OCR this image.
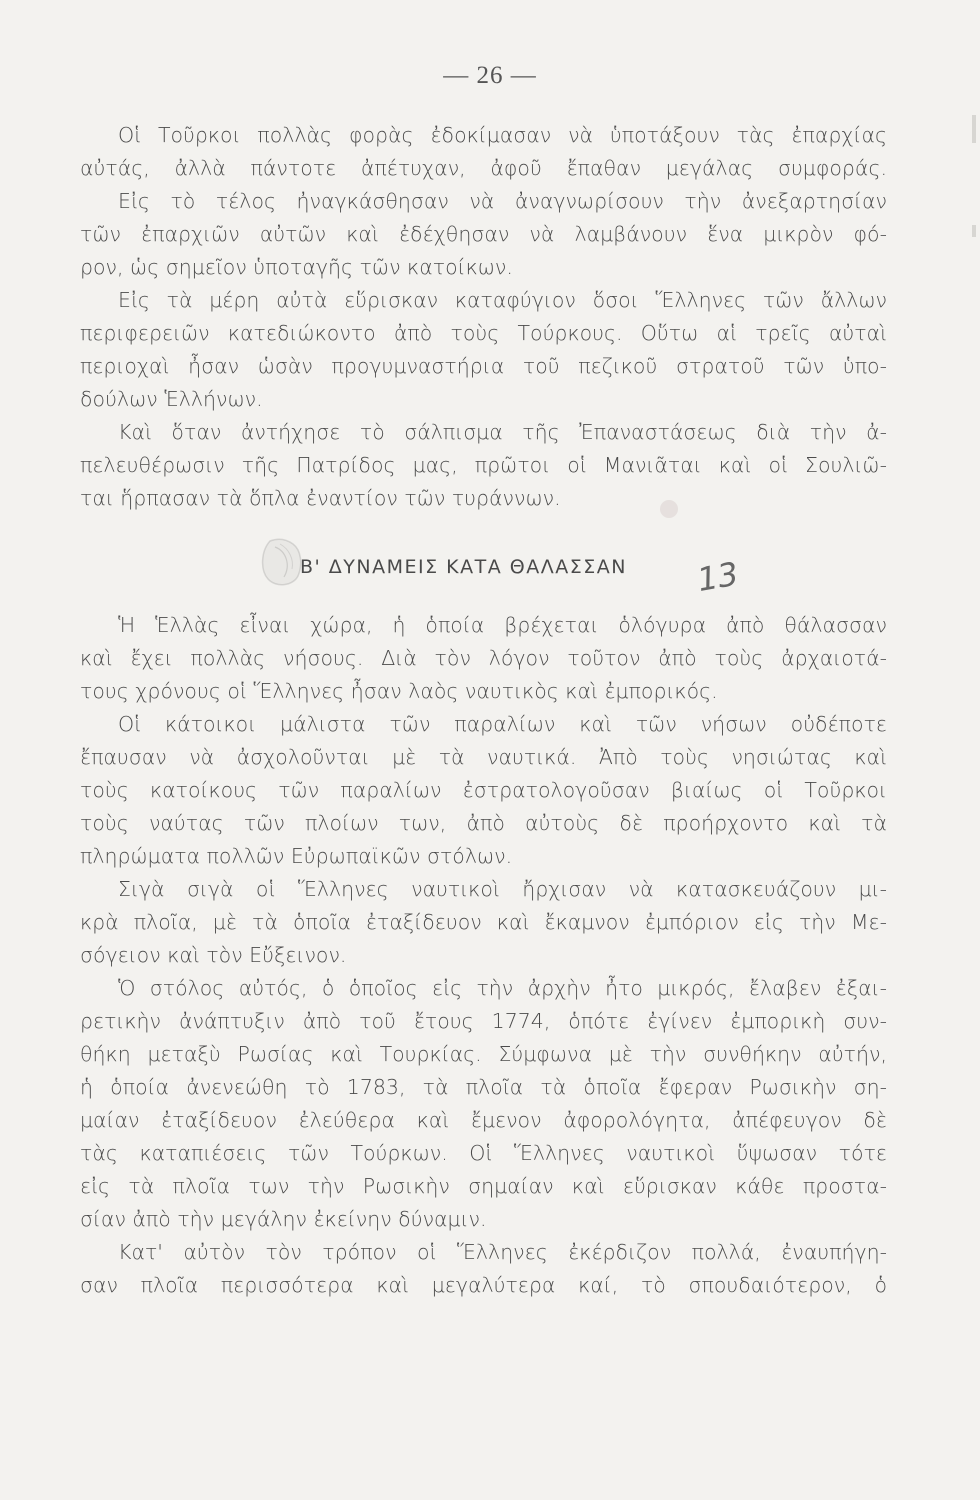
— 26 —
Οἱ Τοῦρκοι πολλὰς φορὰς ἐδοκίμασαν νὰ ὑποτάξουν τὰς ἐπαρχίας
αὐτάς, ἀλλὰ πάντοτε ἀπέτυχαν, ἀφοῦ ἔπαθαν μεγάλας συμφοράς.
Εἰς τὸ τέλος ἠναγκάσθησαν νὰ ἀναγνωρίσουν τὴν ἀνεξαρτησίαν
τῶν ἐπαρχιῶν αὐτῶν καὶ ἐδέχθησαν νὰ λαμβάνουν ἕνα μικρὸν φό-
ρον, ὡς σημεῖον ὑποταγῆς τῶν κατοίκων.
Εἰς τὰ μέρη αὐτὰ εὕρισκαν καταφύγιον ὅσοι Ἕλληνες τῶν ἄλλων
περιφερειῶν κατεδιώκοντο ἀπὸ τοὺς Τούρκους. Οὕτω αἱ τρεῖς αὐταὶ
περιοχαὶ ἦσαν ὡσὰν προγυμναστήρια τοῦ πεζικοῦ στρατοῦ τῶν ὑπο-
δούλων Ἑλλήνων.
Καὶ ὅταν ἀντήχησε τὸ σάλπισμα τῆς Ἐπαναστάσεως διὰ τὴν ἀ-
πελευθέρωσιν τῆς Πατρίδος μας, πρῶτοι οἱ Μανιᾶται καὶ οἱ Σουλιῶ-
ται ἥρπασαν τὰ ὅπλα ἐναντίον τῶν τυράννων.
Β' ΔΥΝΑΜΕΙΣ ΚΑΤΑ ΘΑΛΑΣΣΑΝ 13
Ἡ Ἑλλὰς εἶναι χώρα, ἡ ὁποία βρέχεται ὁλόγυρα ἀπὸ θάλασσαν
καὶ ἔχει πολλὰς νήσους. Διὰ τὸν λόγον τοῦτον ἀπὸ τοὺς ἀρχαιοτά-
τους χρόνους οἱ Ἕλληνες ἦσαν λαὸς ναυτικὸς καὶ ἐμπορικός.
Οἱ κάτοικοι μάλιστα τῶν παραλίων καὶ τῶν νήσων οὐδέποτε
ἔπαυσαν νὰ ἀσχολοῦνται μὲ τὰ ναυτικά. Ἀπὸ τοὺς νησιώτας καὶ
τοὺς κατοίκους τῶν παραλίων ἐστρατολογοῦσαν βιαίως οἱ Τοῦρκοι
τοὺς ναύτας τῶν πλοίων των, ἀπὸ αὐτοὺς δὲ προήρχοντο καὶ τὰ
πληρώματα πολλῶν Εὐρωπαϊκῶν στόλων.
Σιγὰ σιγὰ οἱ Ἕλληνες ναυτικοὶ ἤρχισαν νὰ κατασκευάζουν μι-
κρὰ πλοῖα, μὲ τὰ ὁποῖα ἐταξίδευον καὶ ἔκαμνον ἐμπόριον εἰς τὴν Με-
σόγειον καὶ τὸν Εὔξεινον.
Ὁ στόλος αὐτός, ὁ ὁποῖος εἰς τὴν ἀρχὴν ἦτο μικρός, ἔλαβεν ἐξαι-
ρετικὴν ἀνάπτυξιν ἀπὸ τοῦ ἔτους 1774, ὁπότε ἐγίνεν ἐμπορικὴ συν-
θήκη μεταξὺ Ρωσίας καὶ Τουρκίας. Σύμφωνα μὲ τὴν συνθήκην αὐτήν,
ἡ ὁποία ἀνενεώθη τὸ 1783, τὰ πλοῖα τὰ ὁποῖα ἔφεραν Ρωσικὴν ση-
μαίαν ἐταξίδευον ἐλεύθερα καὶ ἔμενον ἀφορολόγητα, ἀπέφευγον δὲ
τὰς καταπιέσεις τῶν Τούρκων. Οἱ Ἕλληνες ναυτικοὶ ὕψωσαν τότε
εἰς τὰ πλοῖα των τὴν Ρωσικὴν σημαίαν καὶ εὕρισκαν κάθε προστα-
σίαν ἀπὸ τὴν μεγάλην ἐκείνην δύναμιν.
Κατ' αὐτὸν τὸν τρόπον οἱ Ἕλληνες ἐκέρδιζον πολλά, ἐναυπήγη-
σαν πλοῖα περισσότερα καὶ μεγαλύτερα καί, τὸ σπουδαιότερον, ὁ
